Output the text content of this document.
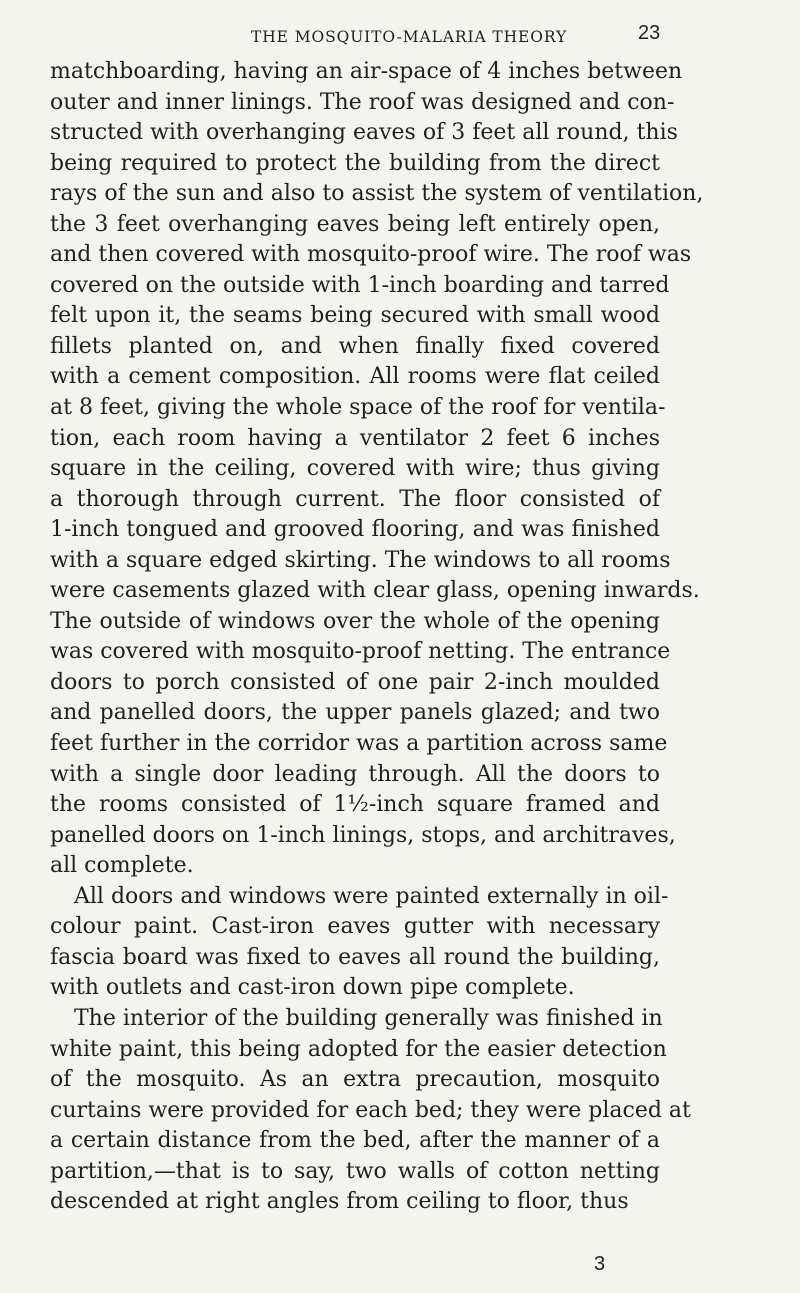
THE MOSQUITO-MALARIA THEORY	23
matchboarding, having an air-space of 4 inches between
outer and inner linings. The roof was designed and con-
structed with overhanging eaves of 3 feet all round, this
being required to protect the building from the direct
rays of the sun and also to assist the system of ventilation,
the 3 feet overhanging eaves being left entirely open,
and then covered with mosquito-proof wire. The roof was
covered on the outside with 1-inch boarding and tarred
felt upon it, the seams being secured with small wood
fillets planted on, and when finally fixed covered
with a cement composition. All rooms were flat ceiled
at 8 feet, giving the whole space of the roof for ventila-
tion, each room having a ventilator 2 feet 6 inches
square in the ceiling, covered with wire; thus giving
a thorough through current. The floor consisted of
1-inch tongued and grooved flooring, and was finished
with a square edged skirting. The windows to all rooms
were casements glazed with clear glass, opening inwards.
The outside of windows over the whole of the opening
was covered with mosquito-proof netting. The entrance
doors to porch consisted of one pair 2-inch moulded
and panelled doors, the upper panels glazed; and two
feet further in the corridor was a partition across same
with a single door leading through. All the doors to
the rooms consisted of 1½-inch square framed and
panelled doors on 1-inch linings, stops, and architraves,
all complete.
All doors and windows were painted externally in oil-
colour paint. Cast-iron eaves gutter with necessary
fascia board was fixed to eaves all round the building,
with outlets and cast-iron down pipe complete.
The interior of the building generally was finished in
white paint, this being adopted for the easier detection
of the mosquito. As an extra precaution, mosquito
curtains were provided for each bed; they were placed at
a certain distance from the bed, after the manner of a
partition,—that is to say, two walls of cotton netting
descended at right angles from ceiling to floor, thus
3
